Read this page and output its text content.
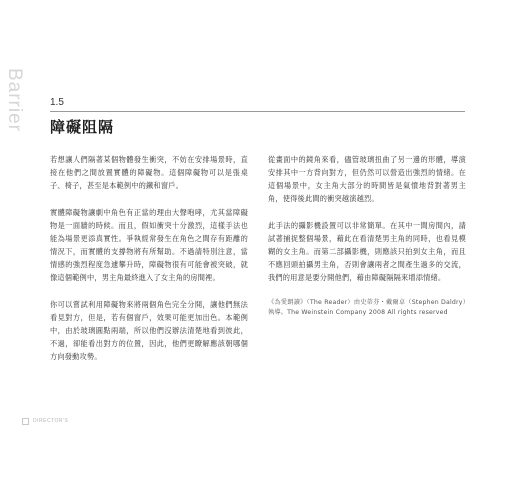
Barrier	1.5
障礙阻隔

若想讓人們隔著某個物體發生衝突，不妨在安排場景時，直接在他們之間放置實體的障礙物。這個障礙物可以是張桌子、椅子，甚至是本範例中的鐵和窗戶。

實體障礙物讓劇中角色有正當的理由大聲咆哮，尤其當障礙物是一面牆的時候。而且，假如衝突十分激烈，這樣手法也能為場景更添真實性。爭執經常發生在角色之間存有距離的情況下，而實體的支撐物將有所幫助。不過請特別注意，當情感的強烈程度急遽攀升時，障礙物很有可能會被突破，就像這個範例中，男主角最終進入了女主角的房間裡。

你可以嘗試利用障礙物來將兩個角色完全分開，讓他們無法看見對方，但是，若有個窗戶，效果可能更加出色。本範例中，由於玻璃圓點兩端，所以他們沒辦法清楚地看到彼此，不過，卻能看出對方的位置，因此，他們更瞭解應該朝哪個方向發動攻勢。

從畫面中的鏡角來看，儘管玻璃扭曲了另一邊的形體，導演安排其中一方背向對方，但仍然可以營造出強烈的情緒。在這個場景中，女主角大部分的時間皆是氣憤地背對著男主角，使得後此間的衝突越演越烈。

此手法的攝影機設置可以非常簡單。在其中一間房間內，請試著捕捉整個場景，藉此在看清楚男主角的同時，也看見模糊的女主角。而第二部攝影機，則應該只拍到女主角，而且不應回頭拍攝男主角，否則會讓兩者之間產生過多的交流，我們的用意是要分開他們，藉由障礙隔隔來增添情緒。

《為愛朗讀》（The Reader）由史蒂芬・戴爾卓（Stephen Daldry）執導。The Weinstein Company 2008 All rights reserved

DIRECTOR'S
